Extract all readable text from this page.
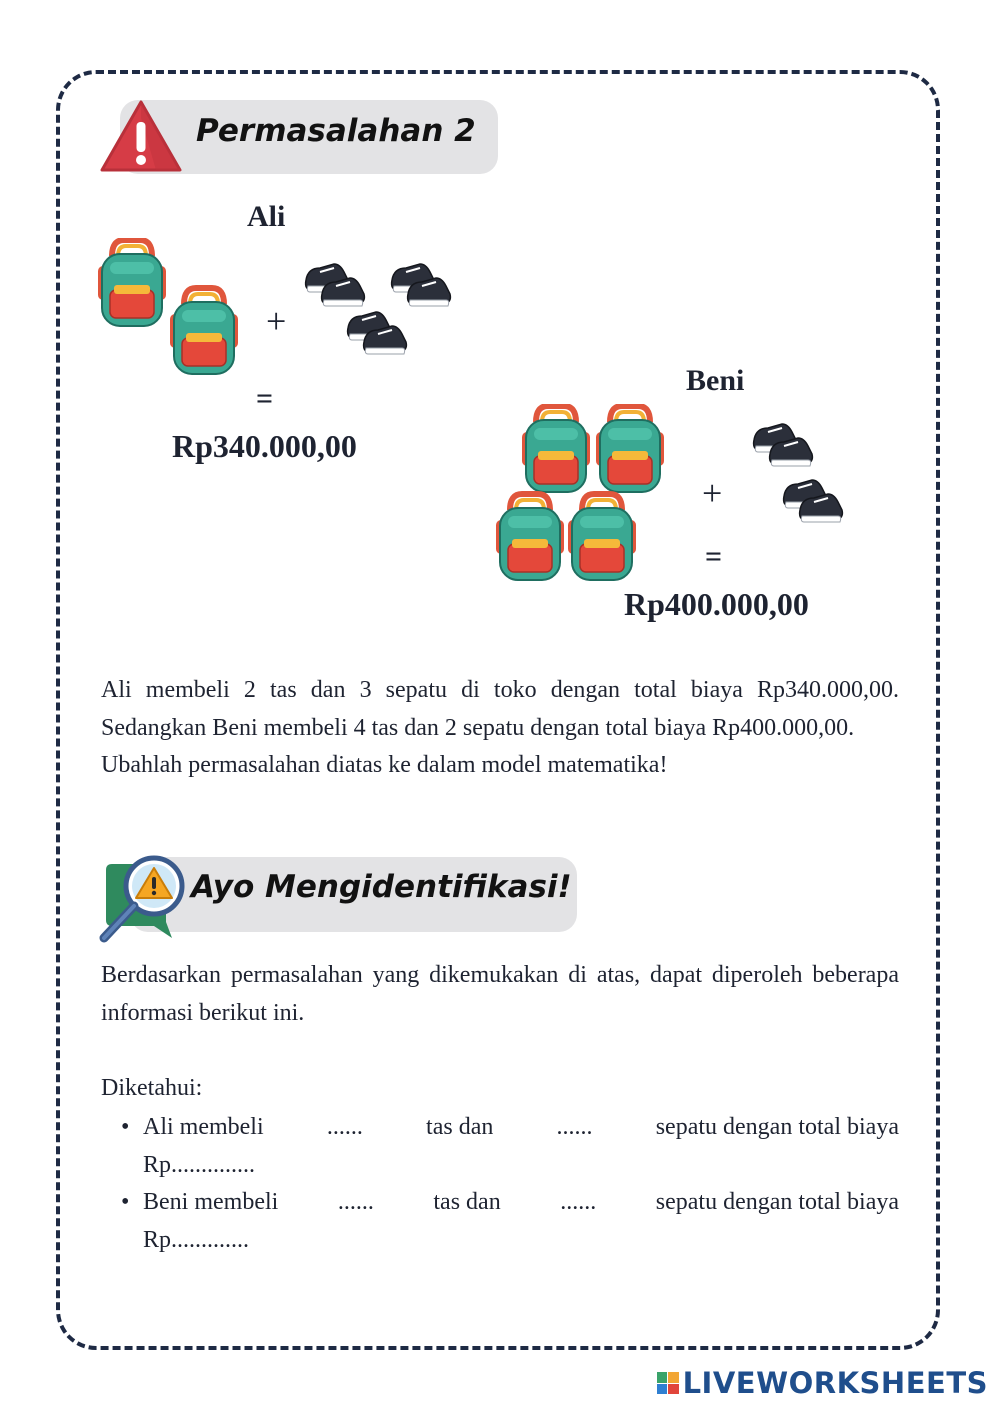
Permasalahan 2
Ali
+
=
Rp340.000,00
Beni
+
=
Rp400.000,00

Ali membeli 2 tas dan 3 sepatu di toko dengan total biaya Rp340.000,00.

Sedangkan Beni membeli 4 tas dan 2 sepatu dengan total biaya Rp400.000,00.

Ubahlah permasalahan diatas ke dalam model matematika!

Ayo Mengidentifikasi!

Berdasarkan permasalahan yang dikemukakan di atas, dapat diperoleh beberapa informasi berikut ini.

Diketahui:
• Ali membeli	......	tas dan	......	sepatu dengan total biaya
Rp..............
• Beni membeli ...... tas dan ...... sepatu dengan total biaya
Rp.............
LIVEWORKSHEETS
